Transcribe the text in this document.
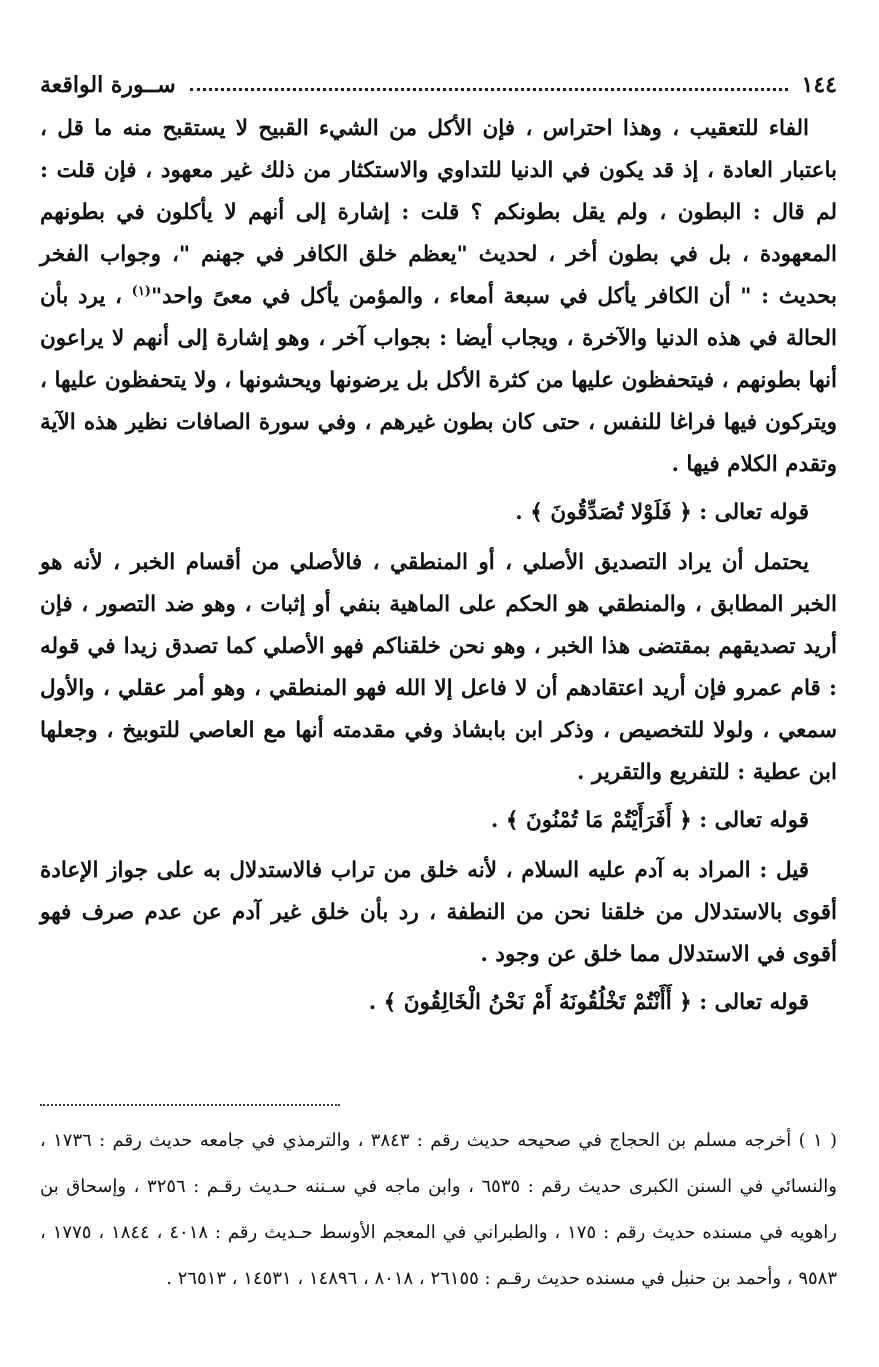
١٤٤
ســورة الواقعة

الفاء للتعقيب ، وهذا احتراس ، فإن الأكل من الشيء القبيح لا يستقبح منه ما قل ، باعتبار العادة ، إذ قد يكون في الدنيا للتداوي والاستكثار من ذلك غير معهود ، فإن قلت : لم قال : البطون ، ولم يقل بطونكم ؟ قلت : إشارة إلى أنهم لا يأكلون في بطونهم المعهودة ، بل في بطون أخر ، لحديث "يعظم خلق الكافر في جهنم "، وجواب الفخر بحديث : " أن الكافر يأكل في سبعة أمعاء ، والمؤمن يأكل في معىً واحد"$^{(١)}$ ، يرد بأن الحالة في هذه الدنيا والآخرة ، ويجاب أيضا : بجواب آخر ، وهو إشارة إلى أنهم لا يراعون أنها بطونهم ، فيتحفظون عليها من كثرة الأكل بل يرضونها ويحشونها ، ولا يتحفظون عليها ، ويتركون فيها فراغا للنفس ، حتى كان بطون غيرهم ، وفي سورة الصافات نظير هذه الآية وتقدم الكلام فيها .

قوله تعالى : ﴿ فَلَوْلا تُصَدِّقُونَ ﴾ .

يحتمل أن يراد التصديق الأصلي ، أو المنطقي ، فالأصلي من أقسام الخبر ، لأنه هو الخبر المطابق ، والمنطقي هو الحكم على الماهية بنفي أو إثبات ، وهو ضد التصور ، فإن أريد تصديقهم بمقتضى هذا الخبر ، وهو نحن خلقناكم فهو الأصلي كما تصدق زيدا في قوله : قام عمرو فإن أريد اعتقادهم أن لا فاعل إلا الله فهو المنطقي ، وهو أمر عقلي ، والأول سمعي ، ولولا للتخصيص ، وذكر ابن بابشاذ وفي مقدمته أنها مع العاصي للتوبيخ ، وجعلها ابن عطية : للتفريع والتقرير .

قوله تعالى : ﴿ أَفَرَأَيْتُمْ مَا تُمْنُونَ ﴾ .

قيل : المراد به آدم عليه السلام ، لأنه خلق من تراب فالاستدلال به على جواز الإعادة أقوى بالاستدلال من خلقنا نحن من النطفة ، رد بأن خلق غير آدم عن عدم صرف فهو أقوى في الاستدلال مما خلق عن وجود .

قوله تعالى : ﴿ أَأَنْتُمْ تَخْلُقُونَهُ أَمْ نَحْنُ الْخَالِقُونَ ﴾ .

( ١ ) أخرجه مسلم بن الحجاج في صحيحه حديث رقم : ٣٨٤٣ ، والترمذي في جامعه حديث رقم : ١٧٣٦ ، والنسائي في السنن الكبرى حديث رقم : ٦٥٣٥ ، وابن ماجه في سـننه حـديث رقـم : ٣٢٥٦ ، وإسحاق بن راهويه في مسنده حديث رقم : ١٧٥ ، والطبراني في المعجم الأوسط حـديث رقم : ٤٠١٨ ، ١٨٤٤ ، ١٧٧٥ ، ٩٥٨٣ ، وأحمد بن حنبل في مسنده حديث رقـم : ٢٦١٥٥ ، ٨٠١٨ ، ١٤٨٩٦ ، ١٤٥٣١ ، ٢٦٥١٣ .
